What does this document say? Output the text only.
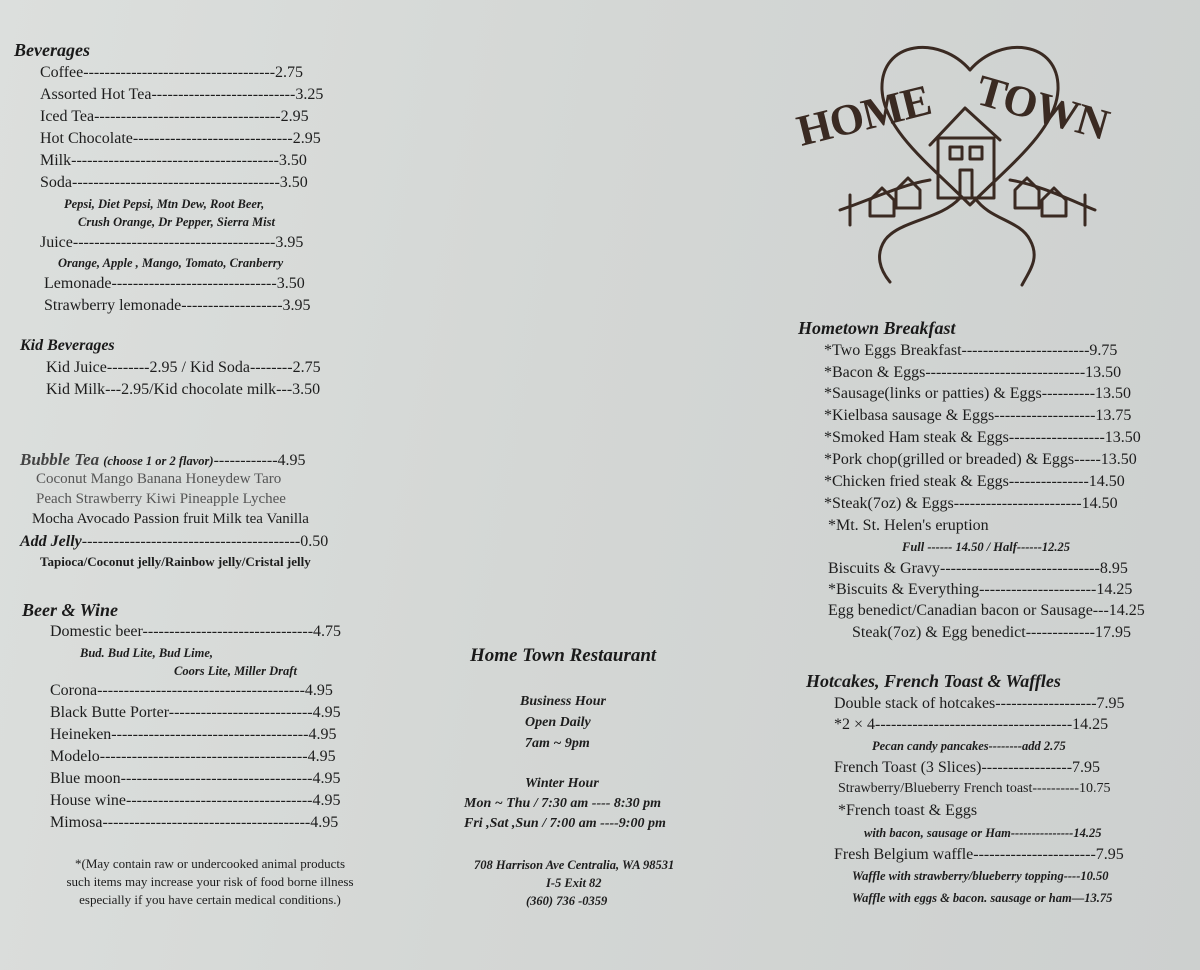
Beverages
Coffee------------------------------------2.75
Assorted Hot Tea---------------------------3.25
Iced Tea-----------------------------------2.95
Hot Chocolate------------------------------2.95
Milk---------------------------------------3.50
Soda---------------------------------------3.50
Pepsi, Diet Pepsi, Mtn Dew, Root Beer,
Crush Orange, Dr Pepper, Sierra Mist
Juice--------------------------------------3.95
Orange, Apple , Mango, Tomato, Cranberry
Lemonade-------------------------------3.50
Strawberry lemonade-------------------3.95
Kid Beverages
Kid Juice--------2.95 / Kid Soda--------2.75
Kid Milk---2.95/Kid chocolate milk---3.50
Bubble Tea (choose 1 or 2 flavor)------------4.95
Coconut Mango Banana Honeydew Taro
Peach Strawberry Kiwi Pineapple Lychee
Mocha Avocado Passion fruit Milk tea Vanilla
Add Jelly-----------------------------------------0.50
Tapioca/Coconut jelly/Rainbow jelly/Cristal jelly
Beer & Wine
Domestic beer--------------------------------4.75
Bud. Bud Lite, Bud Lime,
Coors Lite, Miller Draft
Corona---------------------------------------4.95
Black Butte Porter---------------------------4.95
Heineken-------------------------------------4.95
Modelo---------------------------------------4.95
Blue moon------------------------------------4.95
House wine-----------------------------------4.95
Mimosa---------------------------------------4.95
*(May contain raw or undercooked animal products
such items may increase your risk of food borne illness
especially if you have certain medical conditions.)
Home Town Restaurant
Business Hour
Open Daily
7am ~ 9pm
Winter Hour
Mon ~ Thu / 7:30 am ---- 8:30 pm
Fri ,Sat ,Sun / 7:00 am ----9:00 pm
708 Harrison Ave Centralia, WA 98531
I-5 Exit 82
(360) 736 -0359
HOME TOWN
Hometown Breakfast
*Two Eggs Breakfast------------------------9.75
*Bacon & Eggs------------------------------13.50
*Sausage(links or patties) & Eggs----------13.50
*Kielbasa sausage & Eggs-------------------13.75
*Smoked Ham steak & Eggs------------------13.50
*Pork chop(grilled or breaded) & Eggs-----13.50
*Chicken fried steak & Eggs---------------14.50
*Steak(7oz) & Eggs------------------------14.50
*Mt. St. Helen's eruption
Full ------ 14.50 / Half------12.25
Biscuits & Gravy------------------------------8.95
*Biscuits & Everything----------------------14.25
Egg benedict/Canadian bacon or Sausage---14.25
Steak(7oz) & Egg benedict-------------17.95
Hotcakes, French Toast & Waffles
Double stack of hotcakes-------------------7.95
*2 × 4-------------------------------------14.25
Pecan candy pancakes--------add 2.75
French Toast (3 Slices)-----------------7.95
Strawberry/Blueberry French toast----------10.75
*French toast & Eggs
with bacon, sausage or Ham---------------14.25
Fresh Belgium waffle-----------------------7.95
Waffle with strawberry/blueberry topping----10.50
Waffle with eggs & bacon. sausage or ham—13.75
